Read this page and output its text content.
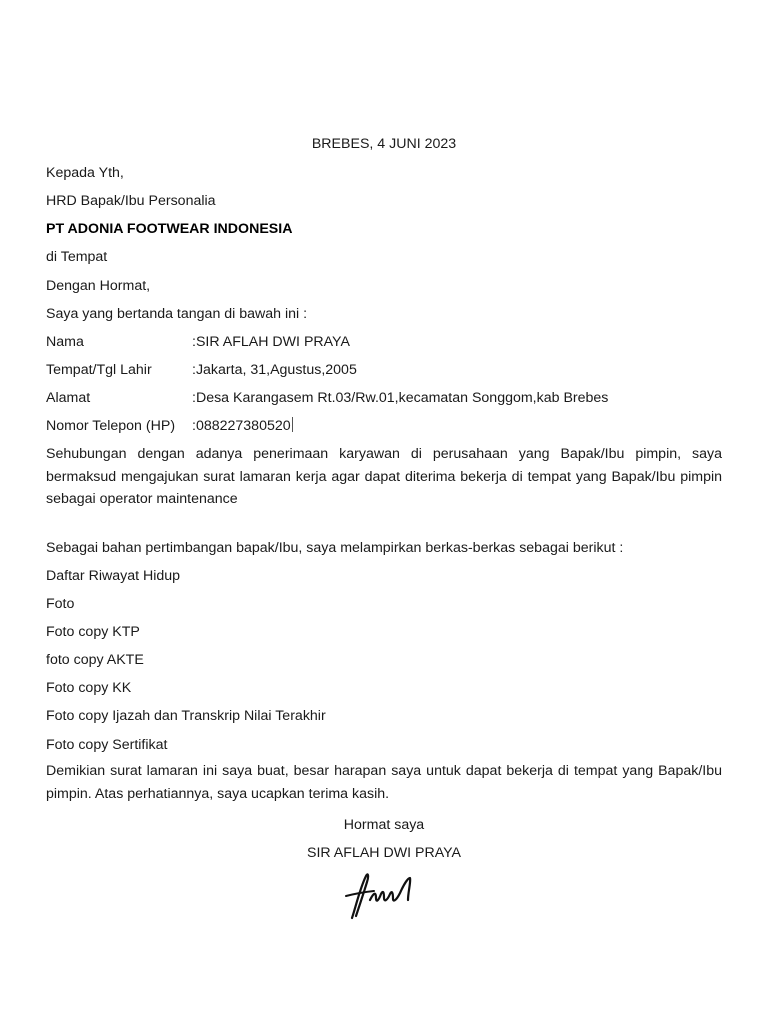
BREBES, 4 JUNI 2023
Kepada Yth,
HRD Bapak/Ibu Personalia
PT ADONIA FOOTWEAR INDONESIA
di Tempat
Dengan Hormat,
Saya yang bertanda tangan di bawah ini :
Nama	:SIR AFLAH DWI PRAYA
Tempat/Tgl Lahir	:Jakarta, 31,Agustus,2005
Alamat	:Desa Karangasem Rt.03/Rw.01,kecamatan Songgom,kab Brebes
Nomor Telepon (HP) :088227380520
Sehubungan dengan adanya penerimaan karyawan di perusahaan yang Bapak/Ibu pimpin, saya bermaksud mengajukan surat lamaran kerja agar dapat diterima bekerja di tempat yang Bapak/Ibu pimpin sebagai operator maintenance
Sebagai bahan pertimbangan bapak/Ibu, saya melampirkan berkas-berkas sebagai berikut :
Daftar Riwayat Hidup
Foto
Foto copy KTP
foto copy AKTE
Foto copy KK
Foto copy Ijazah dan Transkrip Nilai Terakhir
Foto copy Sertifikat
Demikian surat lamaran ini saya buat, besar harapan saya untuk dapat bekerja di tempat yang Bapak/Ibu pimpin. Atas perhatiannya, saya ucapkan terima kasih.
Hormat saya
SIR AFLAH DWI PRAYA
